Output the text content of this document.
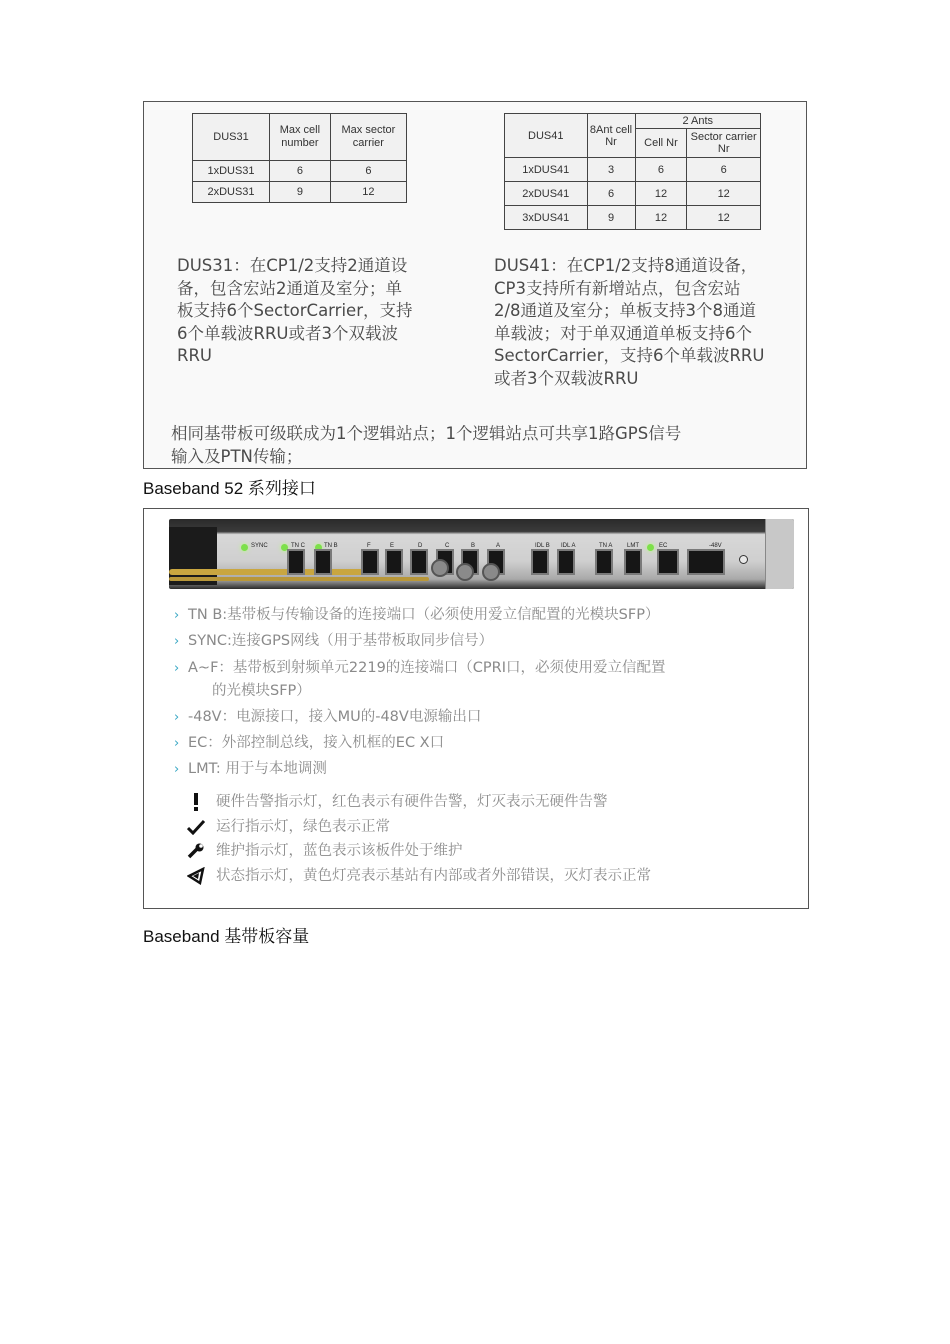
DUS31	Max cell number	Max sector carrier
1xDUS31	6	6
2xDUS31	9	12
DUS41	8Ant cell Nr	2 Ants	
		Cell Nr	Sector carrier Nr
1xDUS41	3	6	6
2xDUS41	6	12	12
3xDUS41	9	12	12
DUS31：在CP1/2支持2通道设
备，包含宏站2通道及室分；单
板支持6个SectorCarrier，支持
6个单载波RRU或者3个双载波
RRU
DUS41：在CP1/2支持8通道设备，
CP3支持所有新增站点，包含宏站
2/8通道及室分；单板支持3个8通道
单载波；对于单双通道单板支持6个
SectorCarrier，支持6个单载波RRU
或者3个双载波RRU
相同基带板可级联成为1个逻辑站点；1个逻辑站点可共享1路GPS信号
输入及PTN传输；
Baseband 52 系列接口
SYNC	TN C	TN B	F	E	D	C	B	A	IDL B IDL A	TN A LMT	EC	-48V
› TN B:基带板与传输设备的连接端口（必须使用爱立信配置的光模块SFP）
› SYNC:连接GPS网线（用于基带板取同步信号）
› A~F：基带板到射频单元2219的连接端口（CPRI口，必须使用爱立信配置
的光模块SFP）
› -48V：电源接口，接入MU的-48V电源输出口
› EC：外部控制总线，接入机框的EC X口
› LMT: 用于与本地调测
硬件告警指示灯，红色表示有硬件告警，灯灭表示无硬件告警
运行指示灯，绿色表示正常
维护指示灯，蓝色表示该板件处于维护
状态指示灯，黄色灯亮表示基站有内部或者外部错误，灭灯表示正常
Baseband 基带板容量
